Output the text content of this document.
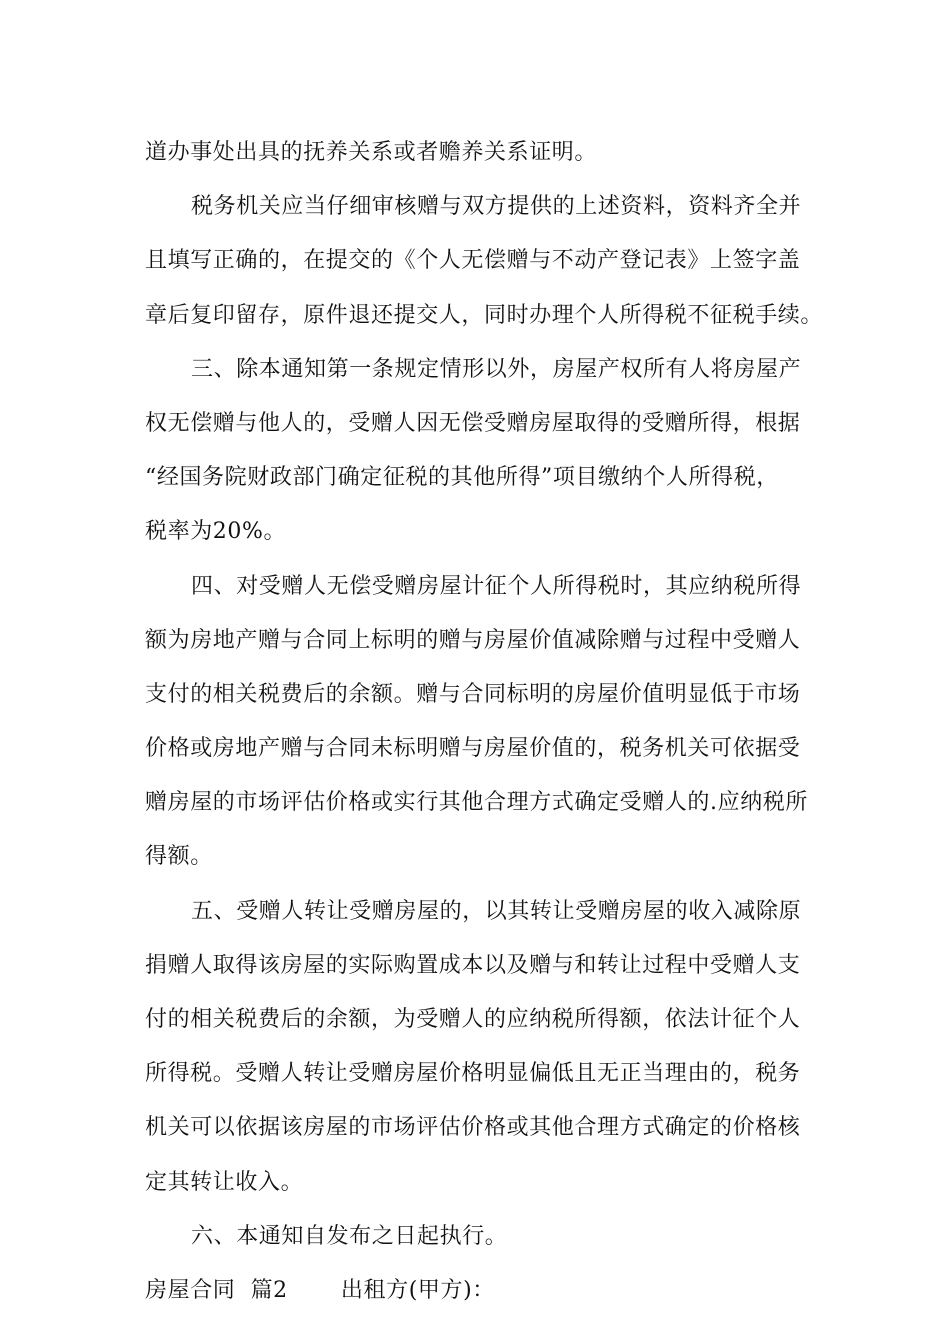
道办事处出具的抚养关系或者赡养关系证明。
税务机关应当仔细审核赠与双方提供的上述资料，资料齐全并
且填写正确的，在提交的《个人无偿赠与不动产登记表》上签字盖
章后复印留存，原件退还提交人，同时办理个人所得税不征税手续。
三、除本通知第一条规定情形以外，房屋产权所有人将房屋产
权无偿赠与他人的，受赠人因无偿受赠房屋取得的受赠所得，根据
“经国务院财政部门确定征税的其他所得”项目缴纳个人所得税，
税率为20%。
四、对受赠人无偿受赠房屋计征个人所得税时，其应纳税所得
额为房地产赠与合同上标明的赠与房屋价值减除赠与过程中受赠人
支付的相关税费后的余额。赠与合同标明的房屋价值明显低于市场
价格或房地产赠与合同未标明赠与房屋价值的，税务机关可依据受
赠房屋的市场评估价格或实行其他合理方式确定受赠人的.应纳税所
得额。
五、受赠人转让受赠房屋的，以其转让受赠房屋的收入减除原
捐赠人取得该房屋的实际购置成本以及赠与和转让过程中受赠人支
付的相关税费后的余额，为受赠人的应纳税所得额，依法计征个人
所得税。受赠人转让受赠房屋价格明显偏低且无正当理由的，税务
机关可以依据该房屋的市场评估价格或其他合理方式确定的价格核
定其转让收入。
六、本通知自发布之日起执行。
房屋合同  篇2       出租方(甲方)：
